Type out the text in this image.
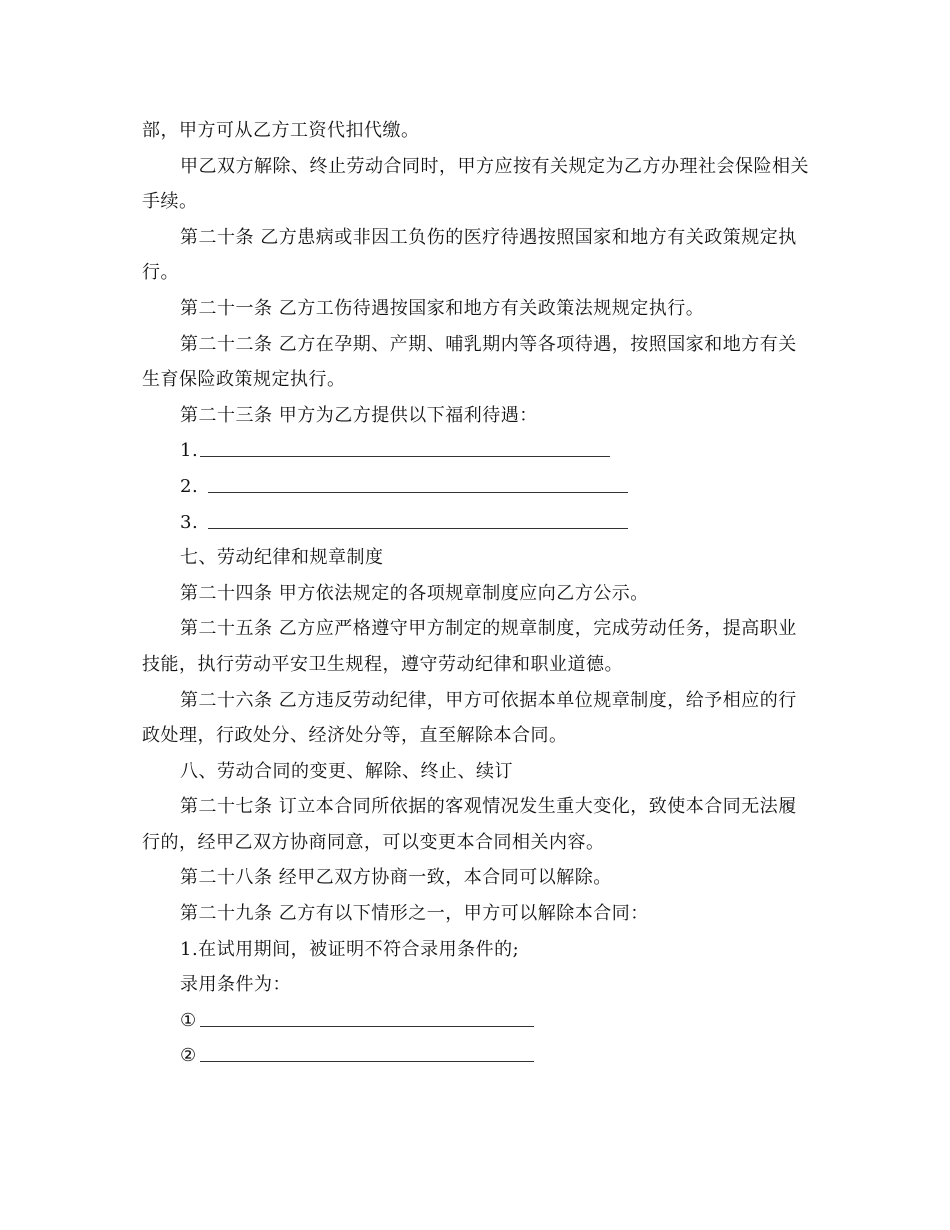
部，甲方可从乙方工资代扣代缴。

甲乙双方解除、终止劳动合同时，甲方应按有关规定为乙方办理社会保险相关手续。

第二十条 乙方患病或非因工负伤的医疗待遇按照国家和地方有关政策规定执行。

第二十一条 乙方工伤待遇按国家和地方有关政策法规规定执行。

第二十二条 乙方在孕期、产期、哺乳期内等各项待遇，按照国家和地方有关生育保险政策规定执行。

第二十三条 甲方为乙方提供以下福利待遇：

1.
2.
3.

七、劳动纪律和规章制度

第二十四条 甲方依法规定的各项规章制度应向乙方公示。

第二十五条 乙方应严格遵守甲方制定的规章制度，完成劳动任务，提高职业技能，执行劳动平安卫生规程，遵守劳动纪律和职业道德。

第二十六条 乙方违反劳动纪律，甲方可依据本单位规章制度，给予相应的行政处理，行政处分、经济处分等，直至解除本合同。

八、劳动合同的变更、解除、终止、续订

第二十七条 订立本合同所依据的客观情况发生重大变化，致使本合同无法履行的，经甲乙双方协商同意，可以变更本合同相关内容。

第二十八条 经甲乙双方协商一致，本合同可以解除。

第二十九条 乙方有以下情形之一，甲方可以解除本合同：

1.在试用期间，被证明不符合录用条件的;

录用条件为：

①
②
